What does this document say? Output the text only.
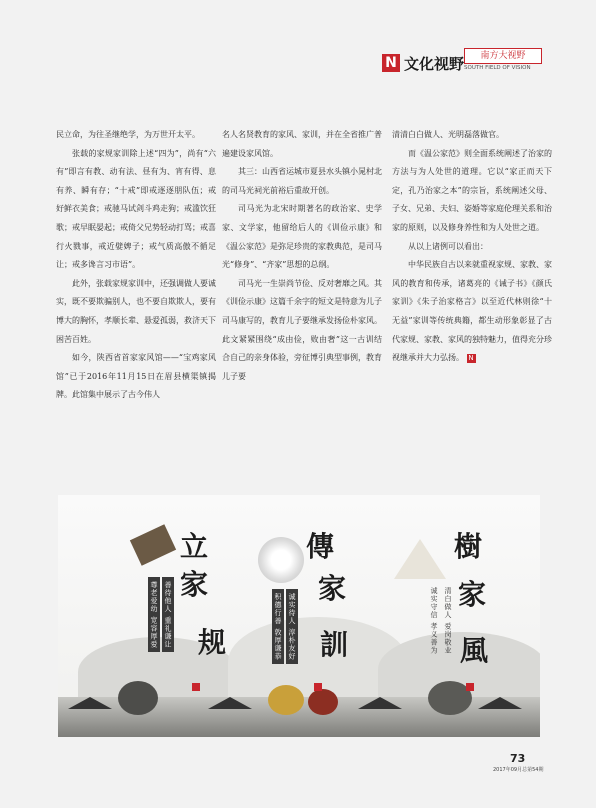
N 文化视野	南方大视野
SOUTH FIELD OF VISION

民立命，为往圣继绝学，为万世开太平。

张载的家规家训除上述“四为”，尚有“六有”即言有教、动有法、昼有为、宵有得、息有养、瞬有存；“十戒”即戒逐逐朋队伍；戒好鲜衣美食；戒驰马试剑斗鸡走狗；戒滥饮狂歌；戒早眠晏起；戒倚父兄势轻动打骂；戒喜行火戮事，戒近嬖婢子；戒气质高傲不循足让；戒多谗言习市语”。

此外，张载家规家训中，还强调做人要诚实，既不要欺骗别人，也不要自欺欺人，要有博大的胸怀，孝顺长辈、悬爱孤弱，救济天下困苦百姓。

如今，陕西省首家家风馆——“宝鸡家风馆”已于2016年11月15日在眉县横渠镇揭牌。此馆集中展示了古今伟人

名人名贤教育的家风、家训，并在全省推广普遍建设家风馆。

其三：山西省运城市夏县水头镇小晁村北的司马光祠光前裕后重故开创。

司马光为北宋时期著名的政治家、史学家、文学家，他留给后人的《训俭示康》和《温公家范》是弥足珍贵的家教典范，是司马光“修身”、“齐家”思想的总纲。

司马光一生崇尚节俭、反对奢靡之风。其《训俭示康》这篇千余字的短文是特意为儿子司马康写的，教育儿子要继承发扬俭朴家风。此文紧紧围绕“成由俭，败由奢”这一古训结合自己的亲身体验，旁征博引典型事例，教育儿子要

清清白白做人、光明磊落做官。

而《温公家范》则全面系统阐述了治家的方法与为人处世的道理。它以“家正而天下定，孔乃治家之本”的宗旨，系统阐述父母、子女、兄弟、夫妇、姿婚等家庭伦理关系和治家的原则，以及修身养性和为人处世之道。

从以上诸例可以看出：

中华民族自古以来就重视家规、家教、家风的教育和传承，诸葛亮的《诫子书》《颜氏家训》《朱子治家格言》以至近代林则徐“十无益”家训等传统典籍，都生动形象彰显了古代家规、家教、家风的独特魅力，值得充分珍视继承并大力弘扬。 N

立
家
规
尊老爱幼 宽容厚爱 善待他人 重礼谦让
傳
家
訓
积德行善 敦厚谦恭 诚实待人 淳朴友好
樹
家
風
诚实守信 孝义善为 清白做人 爱岗敬业
73
2017年09月总第54期
